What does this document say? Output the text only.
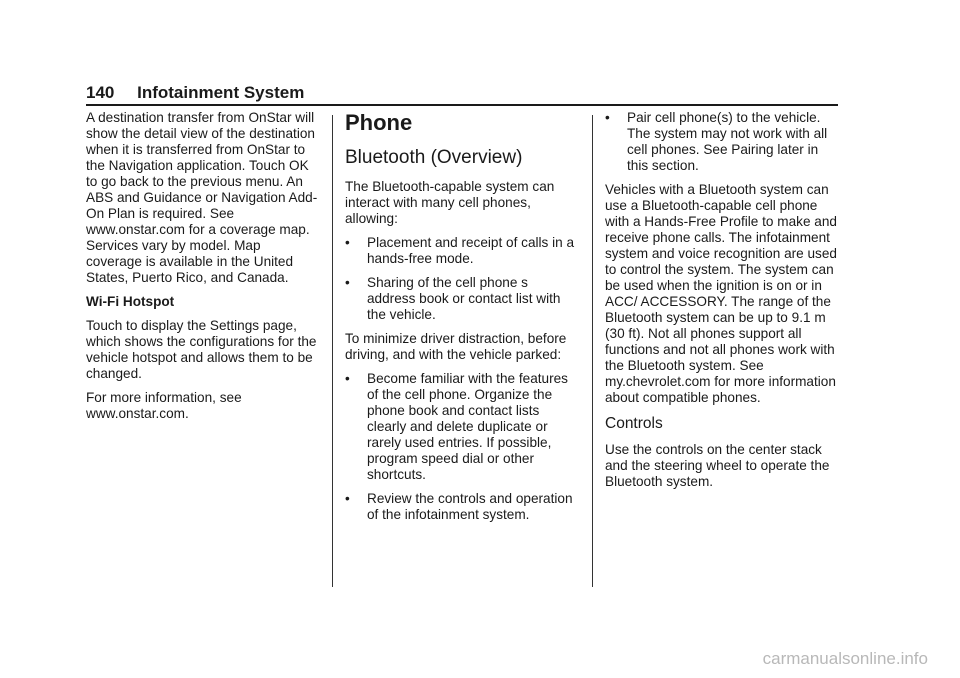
140 Infotainment System

A destination transfer from OnStar will show the detail view of the destination when it is transferred from OnStar to the Navigation application. Touch OK to go back to the previous menu. An ABS and Guidance or Navigation Add-On Plan is required. See www.onstar.com for a coverage map. Services vary by model. Map coverage is available in the United States, Puerto Rico, and Canada.

Wi-Fi Hotspot

Touch to display the Settings page, which shows the configurations for the vehicle hotspot and allows them to be changed.

For more information, see www.onstar.com.

Phone
Bluetooth (Overview)

The Bluetooth-capable system can interact with many cell phones, allowing:

• Placement and receipt of calls in a hands-free mode.
• Sharing of the cell phone s address book or contact list with the vehicle.

To minimize driver distraction, before driving, and with the vehicle parked:

• Become familiar with the features of the cell phone. Organize the phone book and contact lists clearly and delete duplicate or rarely used entries. If possible, program speed dial or other shortcuts.
• Review the controls and operation of the infotainment system.
• Pair cell phone(s) to the vehicle. The system may not work with all cell phones. See Pairing later in this section.

Vehicles with a Bluetooth system can use a Bluetooth-capable cell phone with a Hands-Free Profile to make and receive phone calls. The infotainment system and voice recognition are used to control the system. The system can be used when the ignition is on or in ACC/ ACCESSORY. The range of the Bluetooth system can be up to 9.1 m (30 ft). Not all phones support all functions and not all phones work with the Bluetooth system. See my.chevrolet.com for more information about compatible phones.

Controls

Use the controls on the center stack and the steering wheel to operate the Bluetooth system.

carmanualsonline.info
